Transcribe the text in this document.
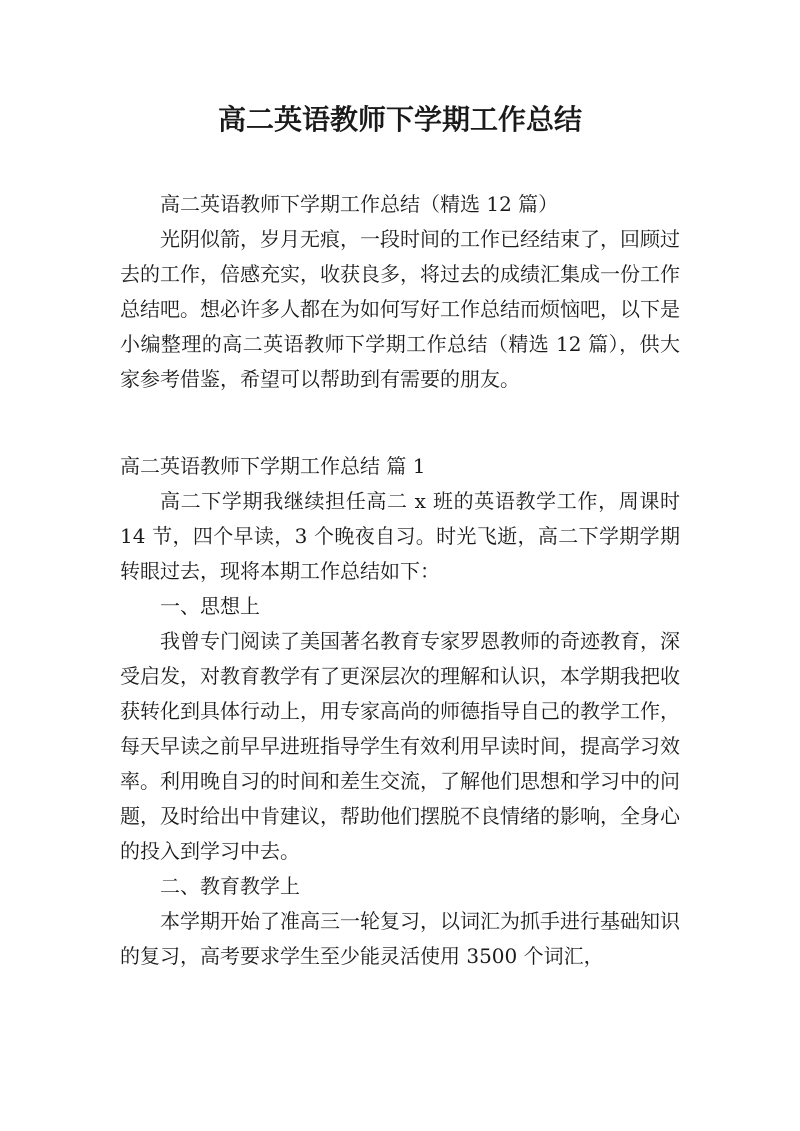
高二英语教师下学期工作总结

高二英语教师下学期工作总结（精选 12 篇）

光阴似箭，岁月无痕，一段时间的工作已经结束了，回顾过去的工作，倍感充实，收获良多，将过去的成绩汇集成一份工作总结吧。想必许多人都在为如何写好工作总结而烦恼吧，以下是小编整理的高二英语教师下学期工作总结（精选 12 篇），供大家参考借鉴，希望可以帮助到有需要的朋友。

高二英语教师下学期工作总结 篇 1

高二下学期我继续担任高二 x 班的英语教学工作，周课时 14 节，四个早读，3 个晚夜自习。时光飞逝，高二下学期学期转眼过去，现将本期工作总结如下：

一、思想上

我曾专门阅读了美国著名教育专家罗恩教师的奇迹教育，深受启发，对教育教学有了更深层次的理解和认识，本学期我把收获转化到具体行动上，用专家高尚的师德指导自己的教学工作，每天早读之前早早进班指导学生有效利用早读时间，提高学习效率。利用晚自习的时间和差生交流，了解他们思想和学习中的问题，及时给出中肯建议，帮助他们摆脱不良情绪的影响，全身心的投入到学习中去。

二、教育教学上

本学期开始了准高三一轮复习，以词汇为抓手进行基础知识的复习，高考要求学生至少能灵活使用 3500 个词汇，
